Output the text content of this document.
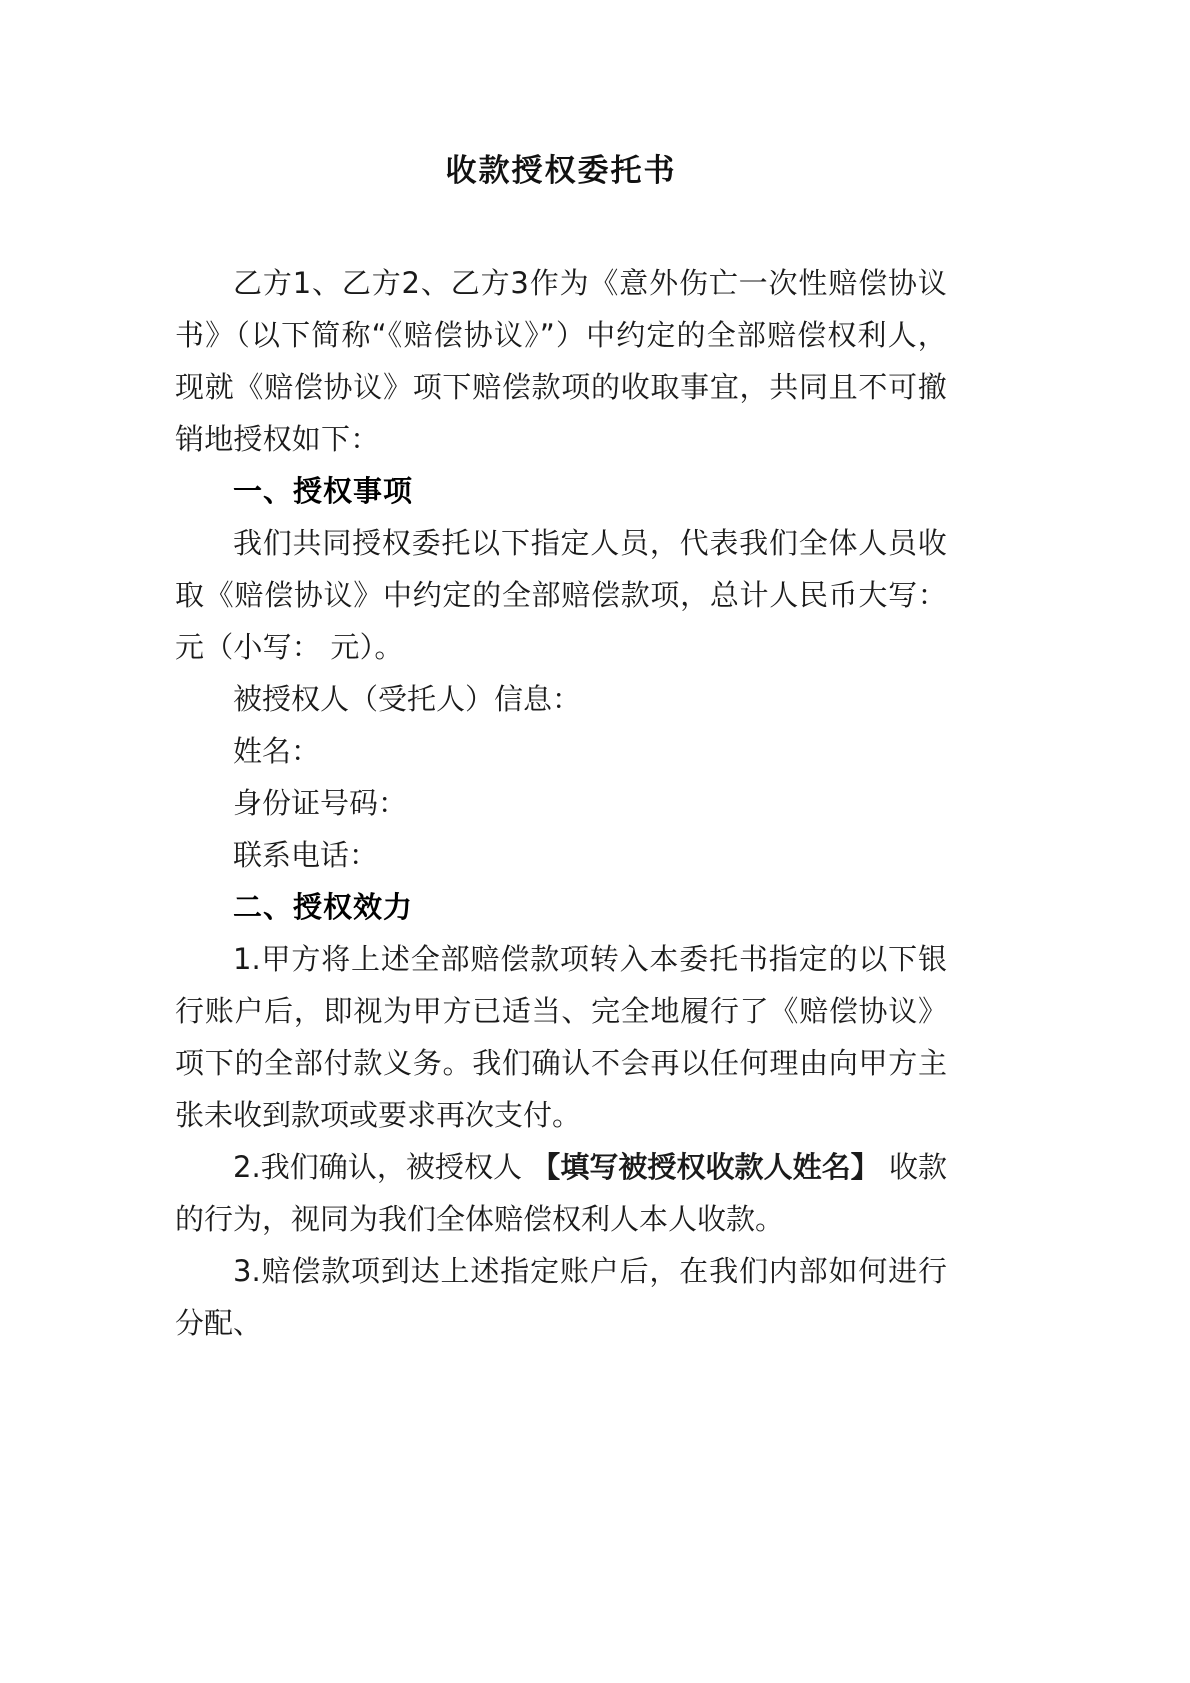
收款授权委托书

乙方1、乙方2、乙方3作为《意外伤亡一次性赔偿协议书》（以下简称“《赔偿协议》”）中约定的全部赔偿权利人，现就《赔偿协议》项下赔偿款项的收取事宜，共同且不可撤销地授权如下：

一、授权事项

我们共同授权委托以下指定人员，代表我们全体人员收取《赔偿协议》中约定的全部赔偿款项，总计人民币大写： 元（小写： 元）。

被授权人（受托人）信息：

姓名：

身份证号码：

联系电话：

二、授权效力

1.甲方将上述全部赔偿款项转入本委托书指定的以下银行账户后，即视为甲方已适当、完全地履行了《赔偿协议》项下的全部付款义务。我们确认不会再以任何理由向甲方主张未收到款项或要求再次支付。

2.我们确认，被授权人 【填写被授权收款人姓名】 收款的行为，视同为我们全体赔偿权利人本人收款。

3.赔偿款项到达上述指定账户后，在我们内部如何进行分配、
